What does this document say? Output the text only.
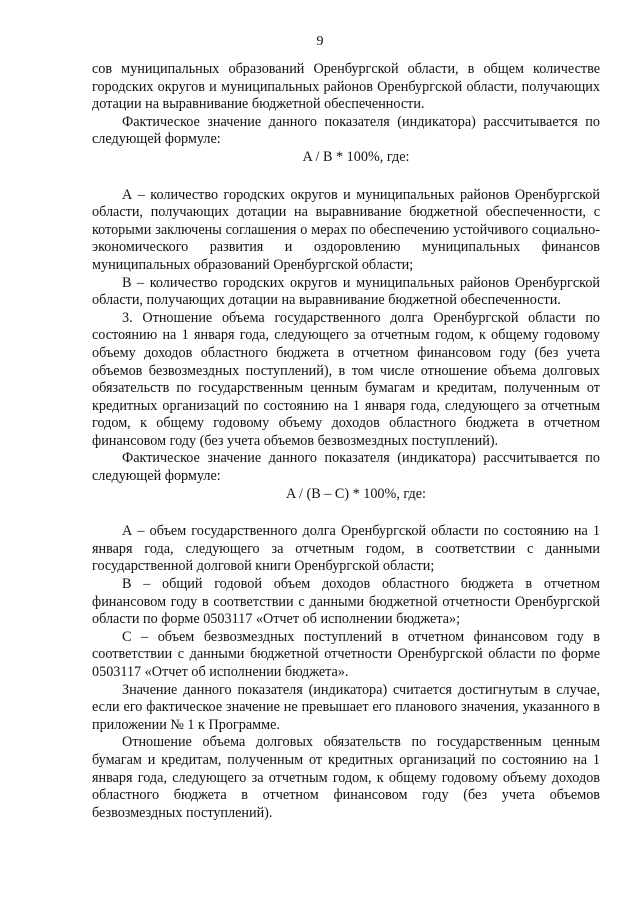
9

сов муниципальных образований Оренбургской области, в общем количестве городских округов и муниципальных районов Оренбургской области, получающих дотации на выравнивание бюджетной обеспеченности.

Фактическое значение данного показателя (индикатора) рассчитывается по следующей формуле:

A / B * 100%, где:

А – количество городских округов и муниципальных районов Оренбургской области, получающих дотации на выравнивание бюджетной обеспеченности, с которыми заключены соглашения о мерах по обеспечению устойчивого социально-экономического развития и оздоровлению муниципальных финансов муниципальных образований Оренбургской области;

В – количество городских округов и муниципальных районов Оренбургской области, получающих дотации на выравнивание бюджетной обеспеченности.

3. Отношение объема государственного долга Оренбургской области по состоянию на 1 января года, следующего за отчетным годом, к общему годовому объему доходов областного бюджета в отчетном финансовом году (без учета объемов безвозмездных поступлений), в том числе отношение объема долговых обязательств по государственным ценным бумагам и кредитам, полученным от кредитных организаций по состоянию на 1 января года, следующего за отчетным годом, к общему годовому объему доходов областного бюджета в отчетном финансовом году (без учета объемов безвозмездных поступлений).

Фактическое значение данного показателя (индикатора) рассчитывается по следующей формуле:

A / (B – C) * 100%, где:

А – объем государственного долга Оренбургской области по состоянию на 1 января года, следующего за отчетным годом, в соответствии с данными государственной долговой книги Оренбургской области;

В – общий годовой объем доходов областного бюджета в отчетном финансовом году в соответствии с данными бюджетной отчетности Оренбургской области по форме 0503117 «Отчет об исполнении бюджета»;

С – объем безвозмездных поступлений в отчетном финансовом году в соответствии с данными бюджетной отчетности Оренбургской области по форме 0503117 «Отчет об исполнении бюджета».

Значение данного показателя (индикатора) считается достигнутым в случае, если его фактическое значение не превышает его планового значения, указанного в приложении № 1 к Программе.

Отношение объема долговых обязательств по государственным ценным бумагам и кредитам, полученным от кредитных организаций по состоянию на 1 января года, следующего за отчетным годом, к общему годовому объему доходов областного бюджета в отчетном финансовом году (без учета объемов безвозмездных поступлений).
